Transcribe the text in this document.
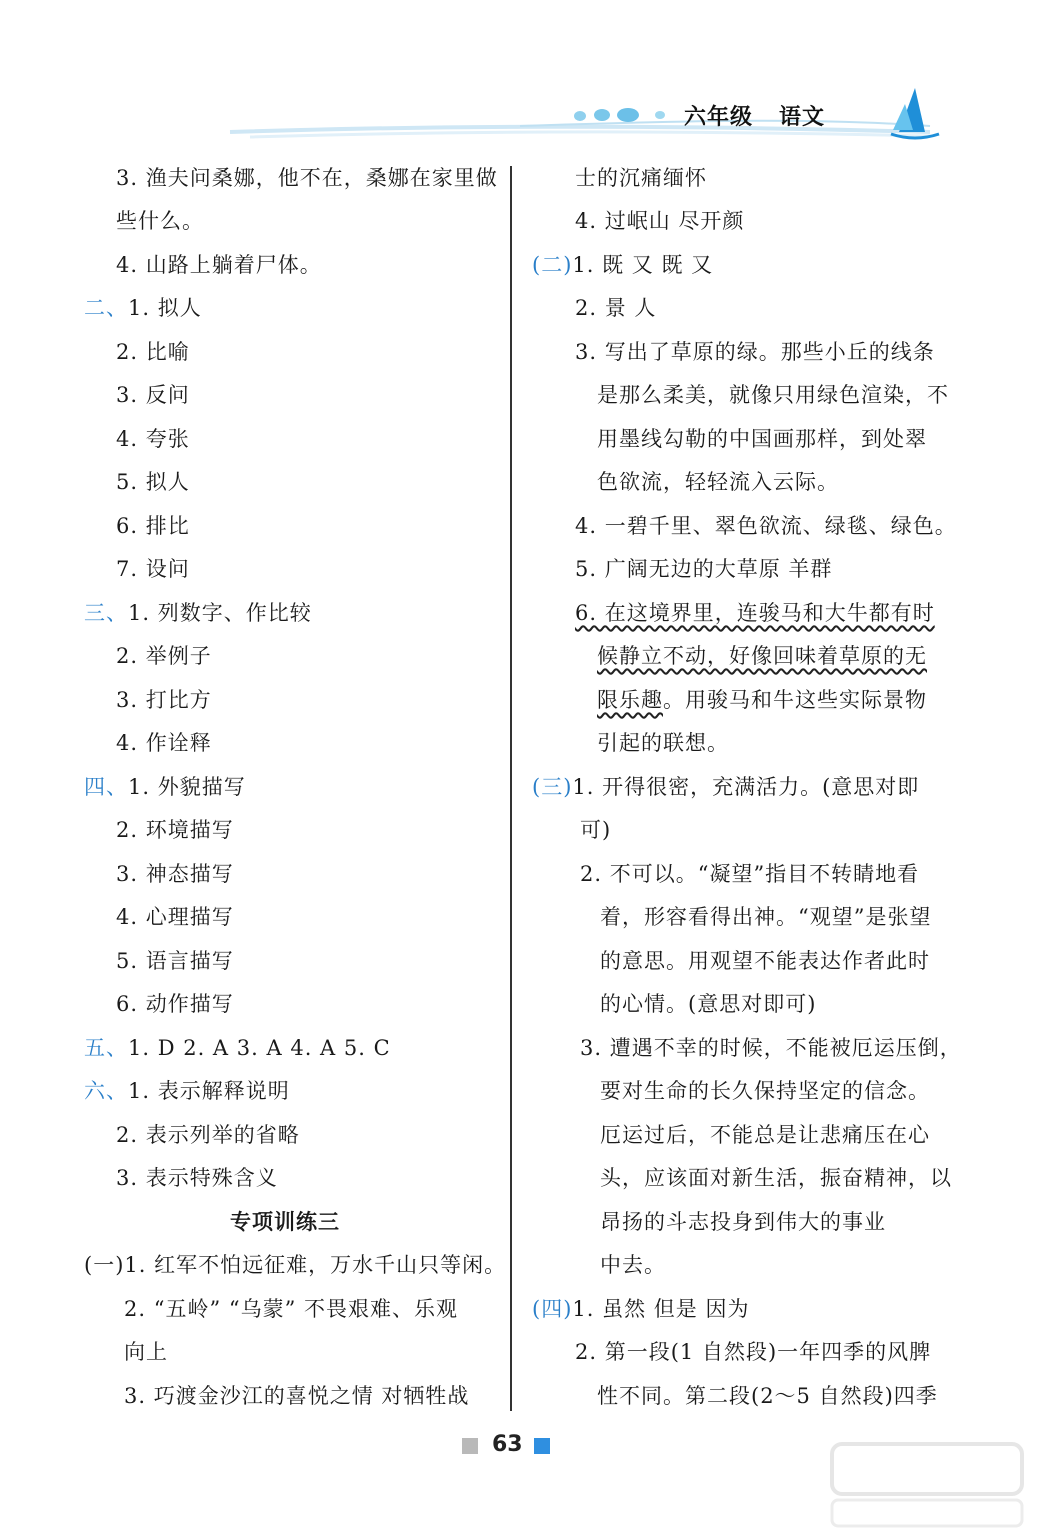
六年级 语文
3. 渔夫问桑娜，他不在，桑娜在家里做
些什么。
4. 山路上躺着尸体。
二、1. 拟人
2. 比喻
3. 反问
4. 夸张
5. 拟人
6. 排比
7. 设问
三、1. 列数字、作比较
2. 举例子
3. 打比方
4. 作诠释
四、1. 外貌描写
2. 环境描写
3. 神态描写
4. 心理描写
5. 语言描写
6. 动作描写
五、1. D 2. A 3. A 4. A 5. C
六、1. 表示解释说明
2. 表示列举的省略
3. 表示特殊含义
专项训练三
(一)1. 红军不怕远征难，万水千山只等闲。
2. “五岭” “乌蒙” 不畏艰难、乐观
向上
3. 巧渡金沙江的喜悦之情 对牺牲战
士的沉痛缅怀
4. 过岷山 尽开颜
(二)1. 既 又 既 又
2. 景 人
3. 写出了草原的绿。那些小丘的线条
是那么柔美，就像只用绿色渲染，不
用墨线勾勒的中国画那样，到处翠
色欲流，轻轻流入云际。
4. 一碧千里、翠色欲流、绿毯、绿色。
5. 广阔无边的大草原 羊群
6. 在这境界里，连骏马和大牛都有时
候静立不动，好像回味着草原的无
限乐趣。用骏马和牛这些实际景物
引起的联想。
(三)1. 开得很密，充满活力。(意思对即
可)
2. 不可以。“凝望”指目不转睛地看
着，形容看得出神。“观望”是张望
的意思。用观望不能表达作者此时
的心情。(意思对即可)
3. 遭遇不幸的时候，不能被厄运压倒，
要对生命的长久保持坚定的信念。
厄运过后，不能总是让悲痛压在心
头，应该面对新生活，振奋精神，以
昂扬的斗志投身到伟大的事业
中去。
(四)1. 虽然 但是 因为
2. 第一段(1 自然段)一年四季的风脾
性不同。第二段(2～5 自然段)四季
63
